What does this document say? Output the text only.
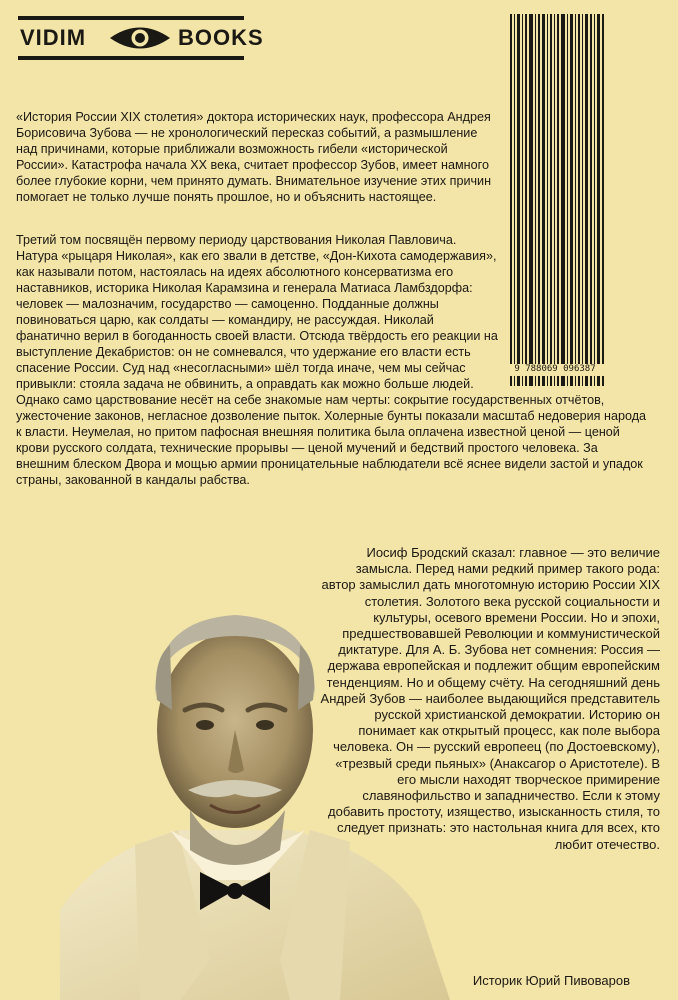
VIDIM	BOOKS
9 788069 096387

«История России XIX столетия» доктора исторических наук, профессора Андрея Борисовича Зубова — не хронологический пересказ событий, а размышление над причинами, которые приближали возможность гибели «исторической России». Катастрофа начала XX века, считает профессор Зубов, имеет намного более глубокие корни, чем принято думать. Внимательное изучение этих причин помогает не только лучше понять прошлое, но и объяснить настоящее.

Третий том посвящён первому периоду царствования Николая Павловича. Натура «рыцаря Николая», как его звали в детстве, «Дон-Кихота самодержавия», как называли потом, настоялась на идеях абсолютного консерватизма его наставников, историка Николая Карамзина и генерала Матиаса Ламбздорфа: человек — малозначим, государство — самоценно. Подданные должны повиноваться царю, как солдаты — командиру, не рассуждая. Николай фанатично верил в богоданность своей власти. Отсюда твёрдость его реакции на выступление Декабристов: он не сомневался, что удержание его власти есть спасение России. Суд над «несогласными» шёл тогда иначе, чем мы сейчас привыкли: стояла задача не обвинить, а оправдать как можно больше людей.

Однако само царствование несёт на себе знакомые нам черты: сокрытие государственных отчётов, ужесточение законов, негласное дозволение пыток. Холерные бунты показали масштаб недоверия народа к власти. Неумелая, но притом пафосная внешняя политика была оплачена известной ценой — ценой крови русского солдата, технические прорывы — ценой мучений и бедствий простого человека. За внешним блеском Двора и мощью армии проницательные наблюдатели всё яснее видели застой и упадок страны, закованной в кандалы рабства.

Иосиф Бродский сказал: главное — это величие замысла. Перед нами редкий пример такого рода: автор замыслил дать многотомную историю России XIX столетия. Золотого века русской социальности и культуры, осевого времени России. Но и эпохи, предшествовавшей Революции и коммунистической диктатуре. Для А. Б. Зубова нет сомнения: Россия — держава европейская и подлежит общим европейским тенденциям. Но и общему счёту. На сегодняшний день Андрей Зубов — наиболее выдающийся представитель русской христианской демократии. Историю он понимает как открытый процесс, как поле выбора человека. Он — русский европеец (по Достоевскому), «трезвый среди пьяных» (Анаксагор о Аристотеле). В его мысли находят творческое примирение славянофильство и западничество. Если к этому добавить простоту, изящество, изысканность стиля, то следует признать: это настольная книга для всех, кто любит отечество.

Историк Юрий Пивоваров
